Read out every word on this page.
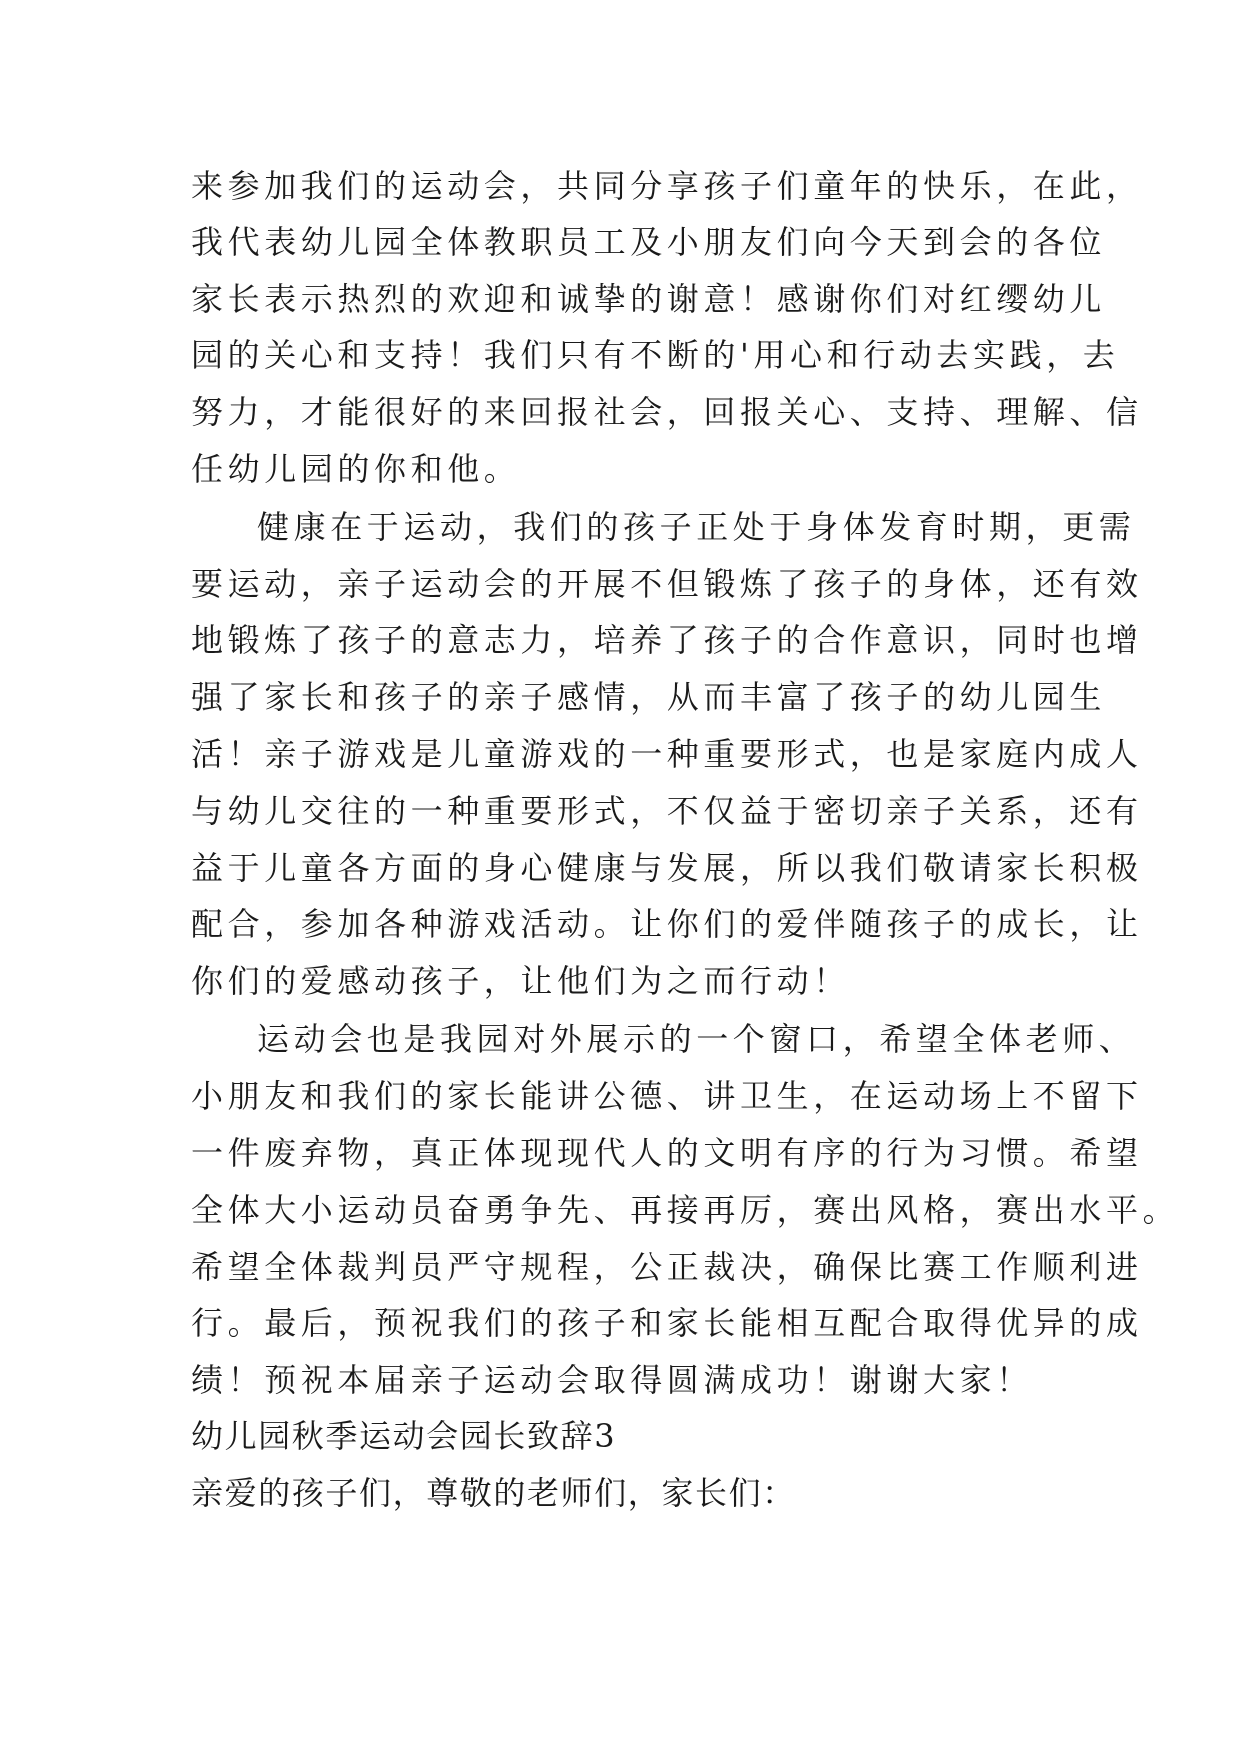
来参加我们的运动会，共同分享孩子们童年的快乐，在此，
我代表幼儿园全体教职员工及小朋友们向今天到会的各位
家长表示热烈的欢迎和诚挚的谢意！感谢你们对红缨幼儿
园的关心和支持！我们只有不断的'用心和行动去实践，去
努力，才能很好的来回报社会，回报关心、支持、理解、信
任幼儿园的你和他。
健康在于运动，我们的孩子正处于身体发育时期，更需
要运动，亲子运动会的开展不但锻炼了孩子的身体，还有效
地锻炼了孩子的意志力，培养了孩子的合作意识，同时也增
强了家长和孩子的亲子感情，从而丰富了孩子的幼儿园生
活！亲子游戏是儿童游戏的一种重要形式，也是家庭内成人
与幼儿交往的一种重要形式，不仅益于密切亲子关系，还有
益于儿童各方面的身心健康与发展，所以我们敬请家长积极
配合，参加各种游戏活动。让你们的爱伴随孩子的成长，让
你们的爱感动孩子，让他们为之而行动！
运动会也是我园对外展示的一个窗口，希望全体老师、
小朋友和我们的家长能讲公德、讲卫生，在运动场上不留下
一件废弃物，真正体现现代人的文明有序的行为习惯。希望
全体大小运动员奋勇争先、再接再厉，赛出风格，赛出水平。
希望全体裁判员严守规程，公正裁决，确保比赛工作顺利进
行。最后，预祝我们的孩子和家长能相互配合取得优异的成
绩！预祝本届亲子运动会取得圆满成功！谢谢大家！
幼儿园秋季运动会园长致辞3
亲爱的孩子们，尊敬的老师们，家长们：
